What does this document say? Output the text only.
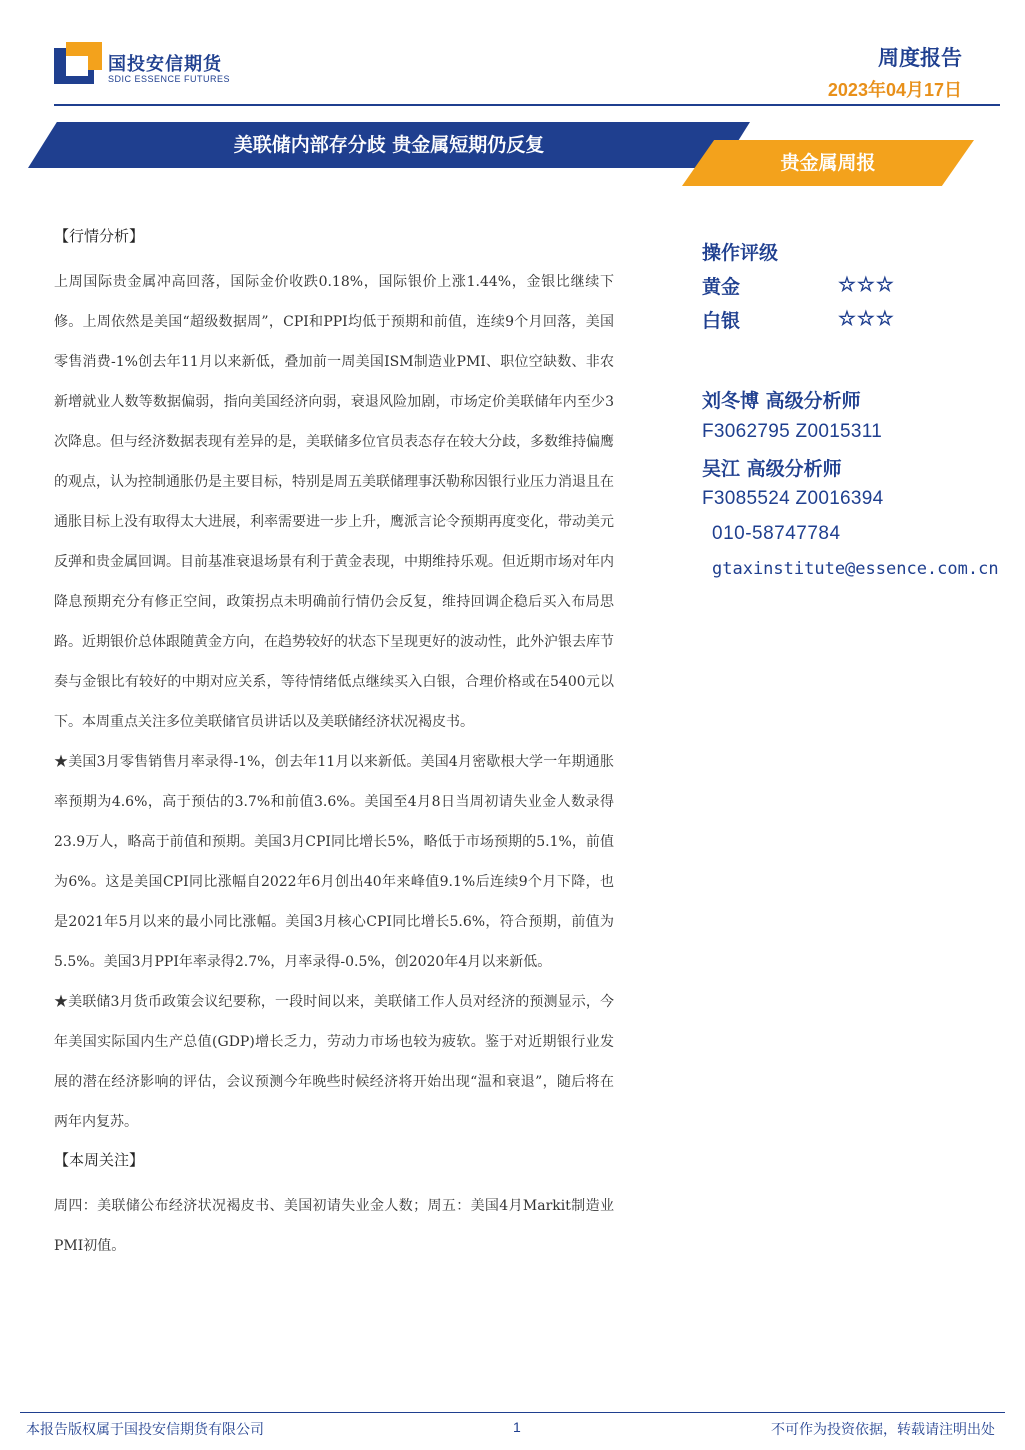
国投安信期货
SDIC ESSENCE FUTURES
周度报告
2023年04月17日
美联储内部存分歧 贵金属短期仍反复
贵金属周报
【行情分析】

上周国际贵金属冲高回落，国际金价收跌0.18%，国际银价上涨1.44%，金银比继续下修。上周依然是美国“超级数据周”，CPI和PPI均低于预期和前值，连续9个月回落，美国零售消费-1%创去年11月以来新低，叠加前一周美国ISM制造业PMI、职位空缺数、非农新增就业人数等数据偏弱，指向美国经济向弱，衰退风险加剧，市场定价美联储年内至少3次降息。但与经济数据表现有差异的是，美联储多位官员表态存在较大分歧，多数维持偏鹰的观点，认为控制通胀仍是主要目标，特别是周五美联储理事沃勒称因银行业压力消退且在通胀目标上没有取得太大进展，利率需要进一步上升，鹰派言论令预期再度变化，带动美元反弹和贵金属回调。目前基准衰退场景有利于黄金表现，中期维持乐观。但近期市场对年内降息预期充分有修正空间，政策拐点未明确前行情仍会反复，维持回调企稳后买入布局思路。近期银价总体跟随黄金方向，在趋势较好的状态下呈现更好的波动性，此外沪银去库节奏与金银比有较好的中期对应关系，等待情绪低点继续买入白银，合理价格或在5400元以下。本周重点关注多位美联储官员讲话以及美联储经济状况褐皮书。

★美国3月零售销售月率录得-1%，创去年11月以来新低。美国4月密歇根大学一年期通胀率预期为4.6%，高于预估的3.7%和前值3.6%。美国至4月8日当周初请失业金人数录得23.9万人，略高于前值和预期。美国3月CPI同比增长5%，略低于市场预期的5.1%，前值为6%。这是美国CPI同比涨幅自2022年6月创出40年来峰值9.1%后连续9个月下降，也是2021年5月以来的最小同比涨幅。美国3月核心CPI同比增长5.6%，符合预期，前值为5.5%。美国3月PPI年率录得2.7%，月率录得-0.5%，创2020年4月以来新低。

★美联储3月货币政策会议纪要称，一段时间以来，美联储工作人员对经济的预测显示，今年美国实际国内生产总值(GDP)增长乏力，劳动力市场也较为疲软。鉴于对近期银行业发展的潜在经济影响的评估，会议预测今年晚些时候经济将开始出现“温和衰退”，随后将在两年内复苏。

【本周关注】

周四：美联储公布经济状况褐皮书、美国初请失业金人数；周五：美国4月Markit制造业PMI初值。

操作评级
黄金	☆☆☆
白银	☆☆☆
刘冬博 高级分析师
F3062795 Z0015311
吴江 高级分析师
F3085524 Z0016394
010-58747784
gtaxinstitute@essence.com.cn
本报告版权属于国投安信期货有限公司	1	不可作为投资依据，转载请注明出处
